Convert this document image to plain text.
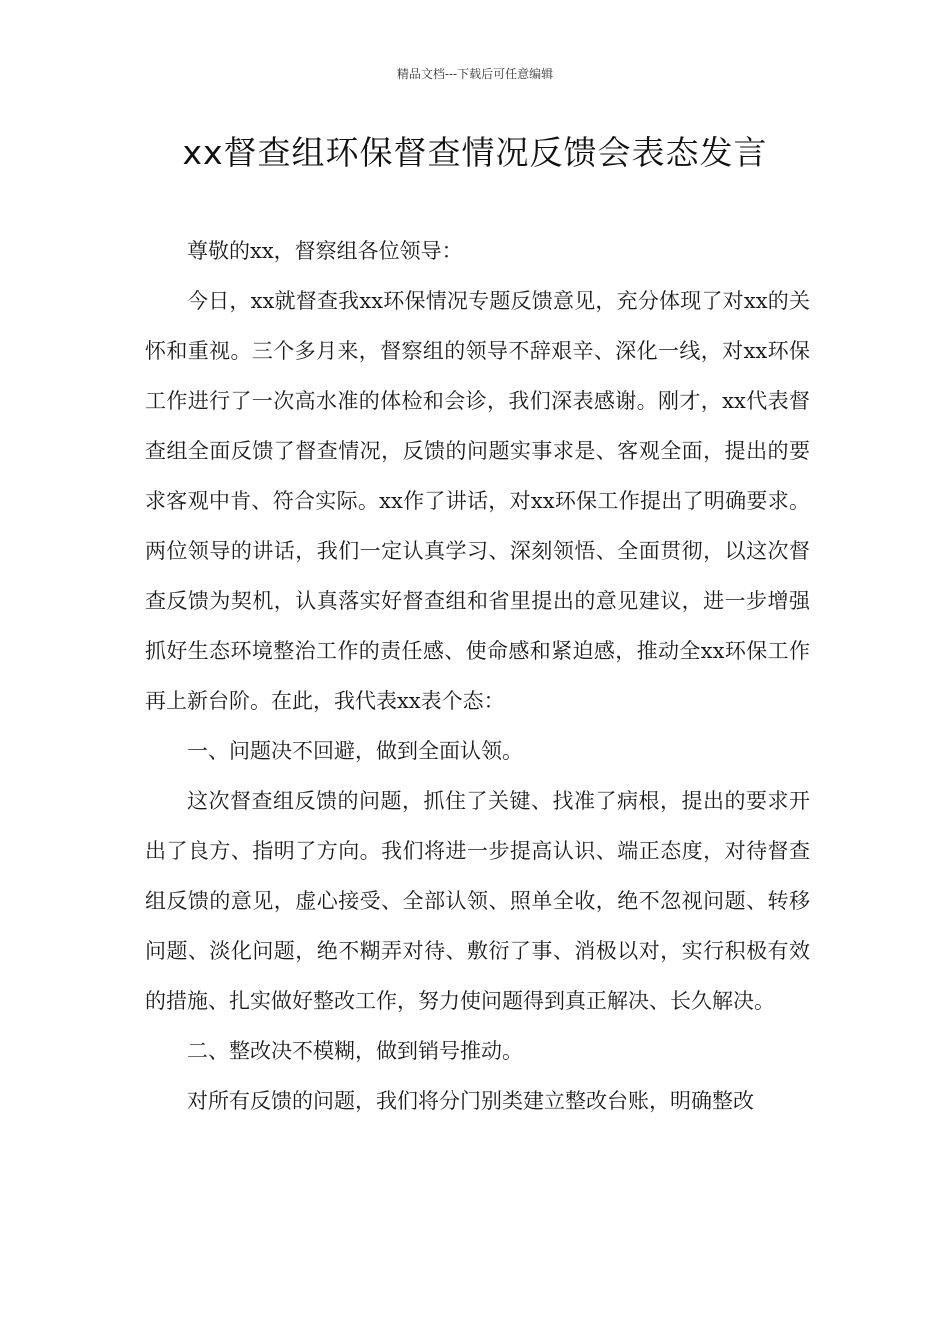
精品文档---下载后可任意编辑
xx督查组环保督查情况反馈会表态发言

尊敬的xx，督察组各位领导：

今日，xx就督查我xx环保情况专题反馈意见，充分体现了对xx的关怀和重视。三个多月来，督察组的领导不辞艰辛、深化一线，对xx环保工作进行了一次高水准的体检和会诊，我们深表感谢。刚才，xx代表督查组全面反馈了督查情况，反馈的问题实事求是、客观全面，提出的要求客观中肯、符合实际。xx作了讲话，对xx环保工作提出了明确要求。两位领导的讲话，我们一定认真学习、深刻领悟、全面贯彻，以这次督查反馈为契机，认真落实好督查组和省里提出的意见建议，进一步增强抓好生态环境整治工作的责任感、使命感和紧迫感，推动全xx环保工作再上新台阶。在此，我代表xx表个态：

一、问题决不回避，做到全面认领。

这次督查组反馈的问题，抓住了关键、找准了病根，提出的要求开出了良方、指明了方向。我们将进一步提高认识、端正态度，对待督查组反馈的意见，虚心接受、全部认领、照单全收，绝不忽视问题、转移问题、淡化问题，绝不糊弄对待、敷衍了事、消极以对，实行积极有效的措施、扎实做好整改工作，努力使问题得到真正解决、长久解决。

二、整改决不模糊，做到销号推动。

对所有反馈的问题，我们将分门别类建立整改台账，明确整改
